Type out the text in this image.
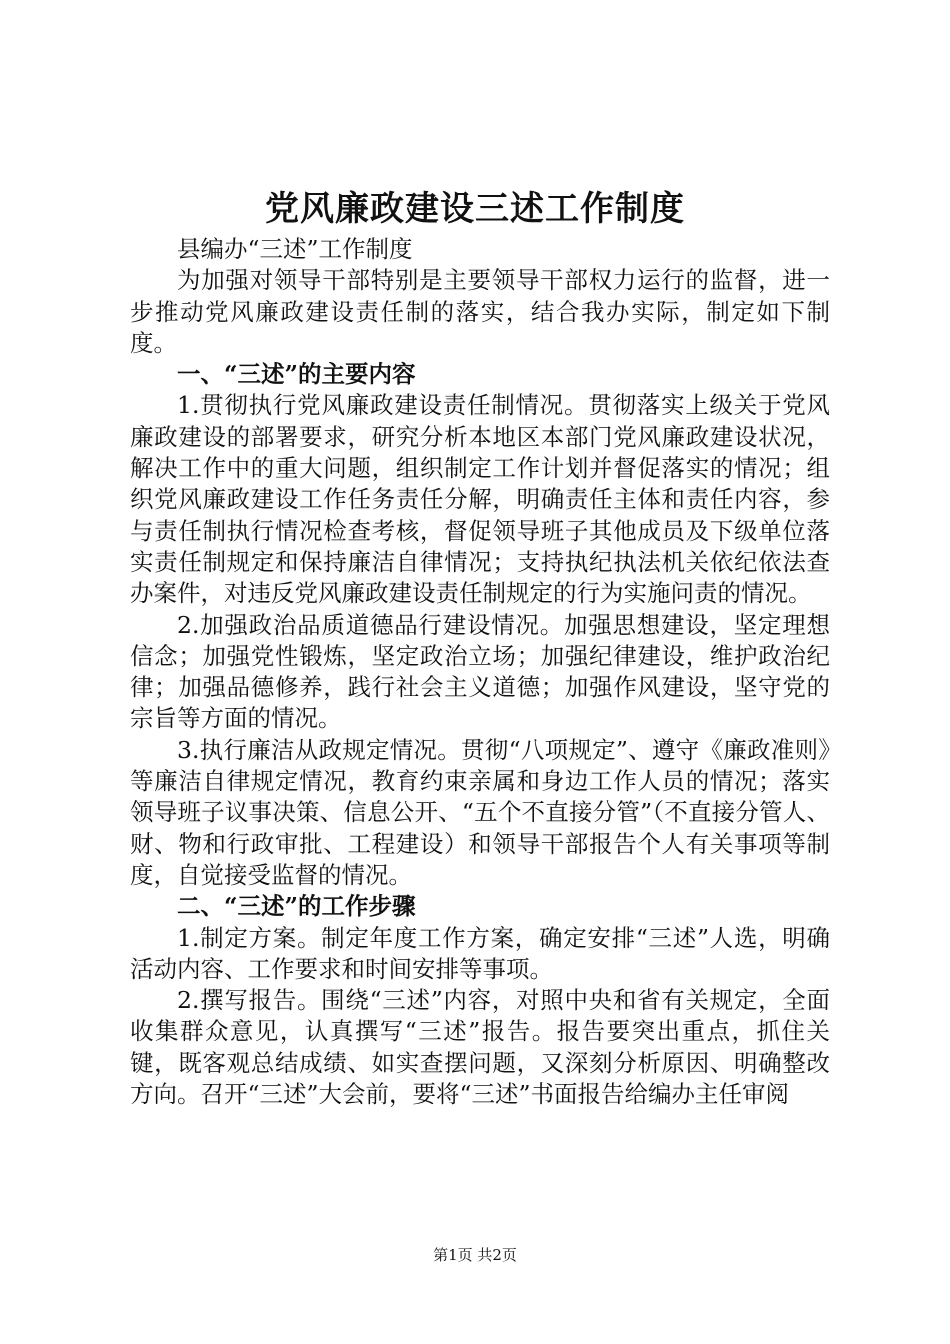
党风廉政建设三述工作制度

县编办“三述”工作制度

为加强对领导干部特别是主要领导干部权力运行的监督，进一步推动党风廉政建设责任制的落实，结合我办实际，制定如下制度。

一、“三述”的主要内容

1.贯彻执行党风廉政建设责任制情况。贯彻落实上级关于党风廉政建设的部署要求，研究分析本地区本部门党风廉政建设状况，解决工作中的重大问题，组织制定工作计划并督促落实的情况；组织党风廉政建设工作任务责任分解，明确责任主体和责任内容，参与责任制执行情况检查考核，督促领导班子其他成员及下级单位落实责任制规定和保持廉洁自律情况；支持执纪执法机关依纪依法查办案件，对违反党风廉政建设责任制规定的行为实施问责的情况。

2.加强政治品质道德品行建设情况。加强思想建设，坚定理想信念；加强党性锻炼，坚定政治立场；加强纪律建设，维护政治纪律；加强品德修养，践行社会主义道德；加强作风建设，坚守党的宗旨等方面的情况。

3.执行廉洁从政规定情况。贯彻“八项规定”、遵守《廉政准则》等廉洁自律规定情况，教育约束亲属和身边工作人员的情况；落实领导班子议事决策、信息公开、“五个不直接分管”（不直接分管人、财、物和行政审批、工程建设）和领导干部报告个人有关事项等制度，自觉接受监督的情况。

二、“三述”的工作步骤

1.制定方案。制定年度工作方案，确定安排“三述”人选，明确活动内容、工作要求和时间安排等事项。

2.撰写报告。围绕“三述”内容，对照中央和省有关规定，全面收集群众意见，认真撰写“三述”报告。报告要突出重点，抓住关键，既客观总结成绩、如实查摆问题，又深刻分析原因、明确整改方向。召开“三述”大会前，要将“三述”书面报告给编办主任审阅

第1页 共2页
